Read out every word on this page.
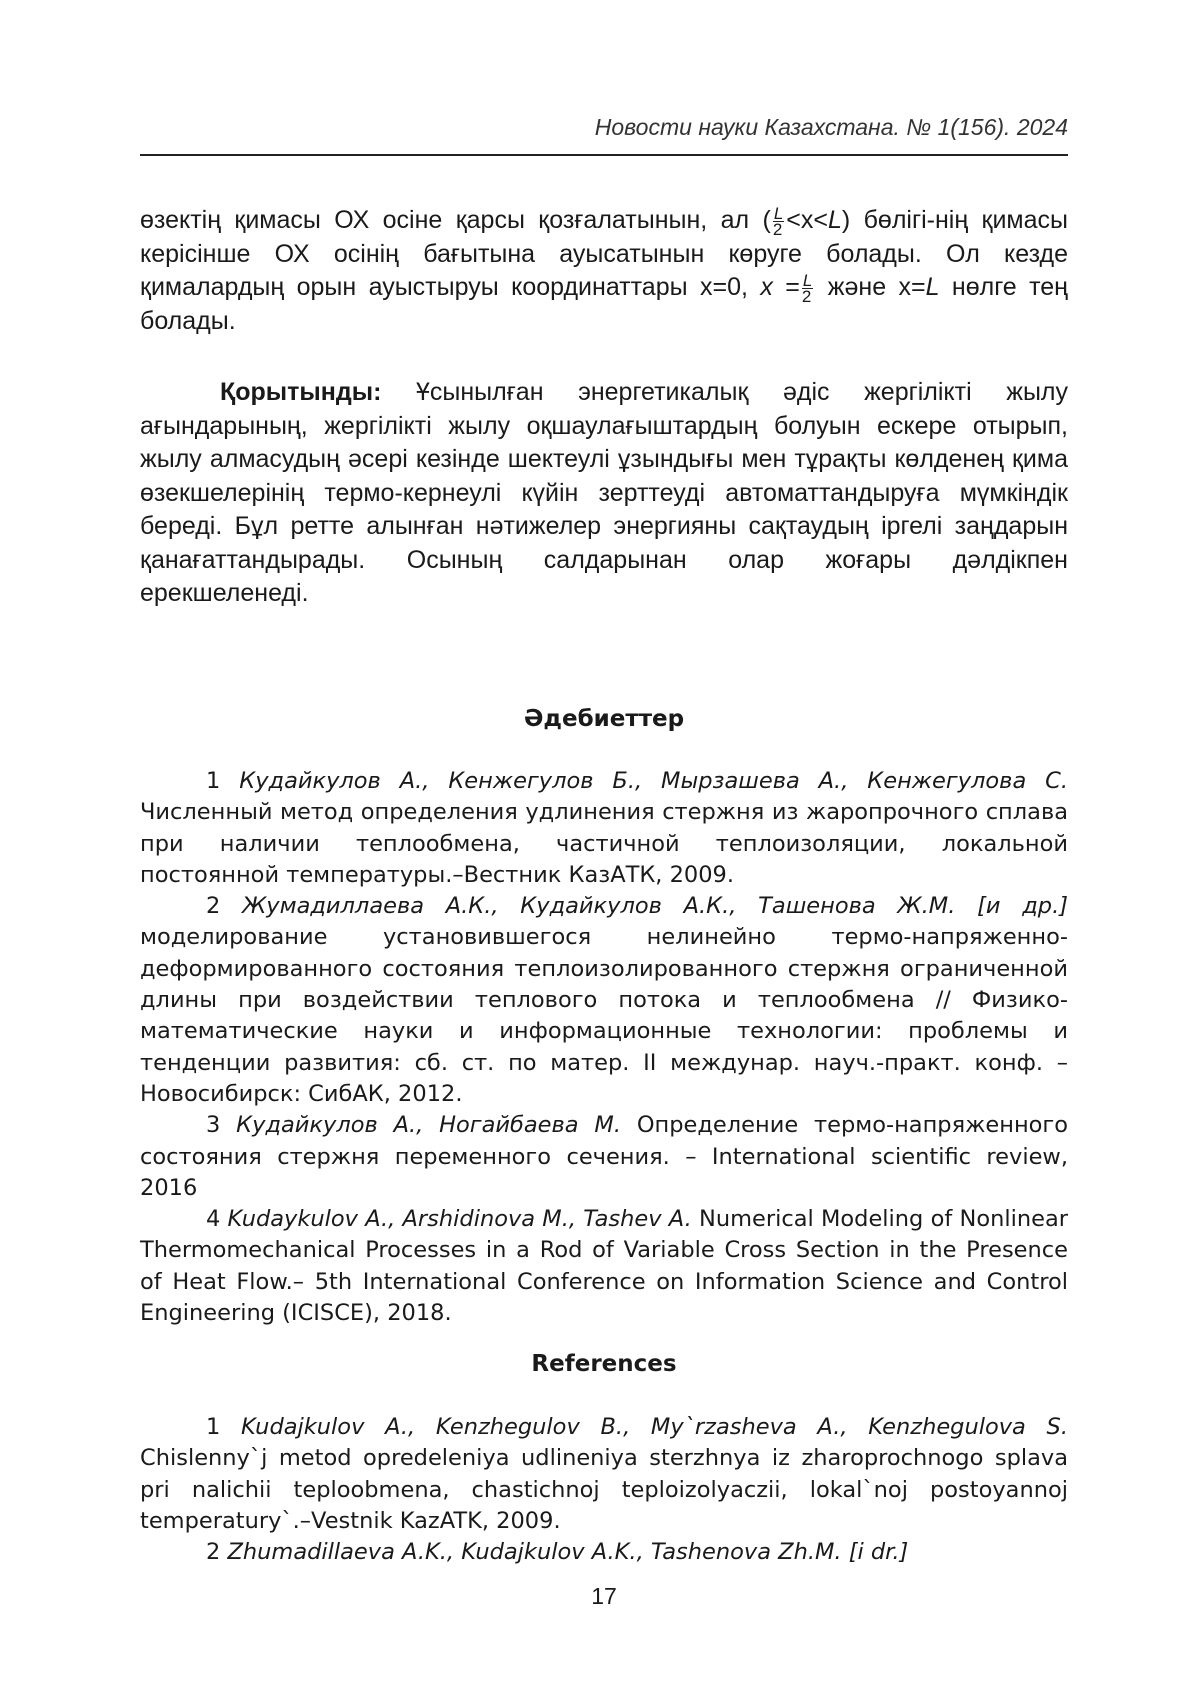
Новости науки Казахстана. № 1(156). 2024
өзектің қимасы ОХ осіне қарсы қозғалатынын, ал ( $\frac{L}{2} <x<L$) бөлігі-нің қимасы керісінше ОХ осінің бағытына ауысатынын көруге болады. Ол кезде қималардың орын ауыстыруы координаттары x=0, $x = \frac{L}{2}$ және x=L нөлге тең болады.
Қорытынды: Ұсынылған энергетикалық әдіс жергілікті жылу ағындарының, жергілікті жылу оқшаулағыштардың болуын ескере отырып, жылу алмасудың әсері кезінде шектеулі ұзындығы мен тұрақты көлденең қима өзекшелерінің термо-кернеулі күйін зерттеуді автоматтандыруға мүмкіндік береді. Бұл ретте алынған нәтижелер энергияны сақтаудың іргелі заңдарын қанағаттандырады. Осының салдарынан олар жоғары дәлдікпен ерекшеленеді.
Әдебиеттер

1 Кудайкулов А., Кенжегулов Б., Мырзашева А., Кенжегулова С. Численный метод определения удлинения стержня из жаропрочного сплава при наличии теплообмена, частичной теплоизоляции, локальной постоянной температуры.–Вестник КазАТК, 2009.

2 Жумадиллаева А.К., Кудайкулов А.К., Ташенова Ж.М. [и др.] моделирование установившегося нелинейно термо-напряженно-деформированного состояния теплоизолированного стержня ограниченной длины при воздействии теплового потока и теплообмена // Физико-математические науки и информационные технологии: проблемы и тенденции развития: сб. ст. по матер. II междунар. науч.-практ. конф. – Новосибирск: СибАК, 2012.

3 Кудайкулов А., Ногайбаева М. Определение термо-напряженного состояния стержня переменного сечения. – International scientific review, 2016

4 Kudaykulov A., Arshidinova M., Tashev A. Numerical Modeling of Nonlinear Thermomechanical Processes in a Rod of Variable Cross Section in the Presence of Heat Flow.– 5th International Conference on Information Science and Control Engineering (ICISCE), 2018.

References

1 Kudajkulov A., Kenzhegulov B., My`rzasheva A., Kenzhegulova S. Chislenny`j metod opredeleniya udlineniya sterzhnya iz zharoprochnogo splava pri nalichii teploobmena, chastichnoj teploizolyaczii, lokal`noj postoyannoj temperatury`.–Vestnik KazATK, 2009.

2 Zhumadillaeva A.K., Kudajkulov A.K., Tashenova Zh.M. [i dr.]

17
